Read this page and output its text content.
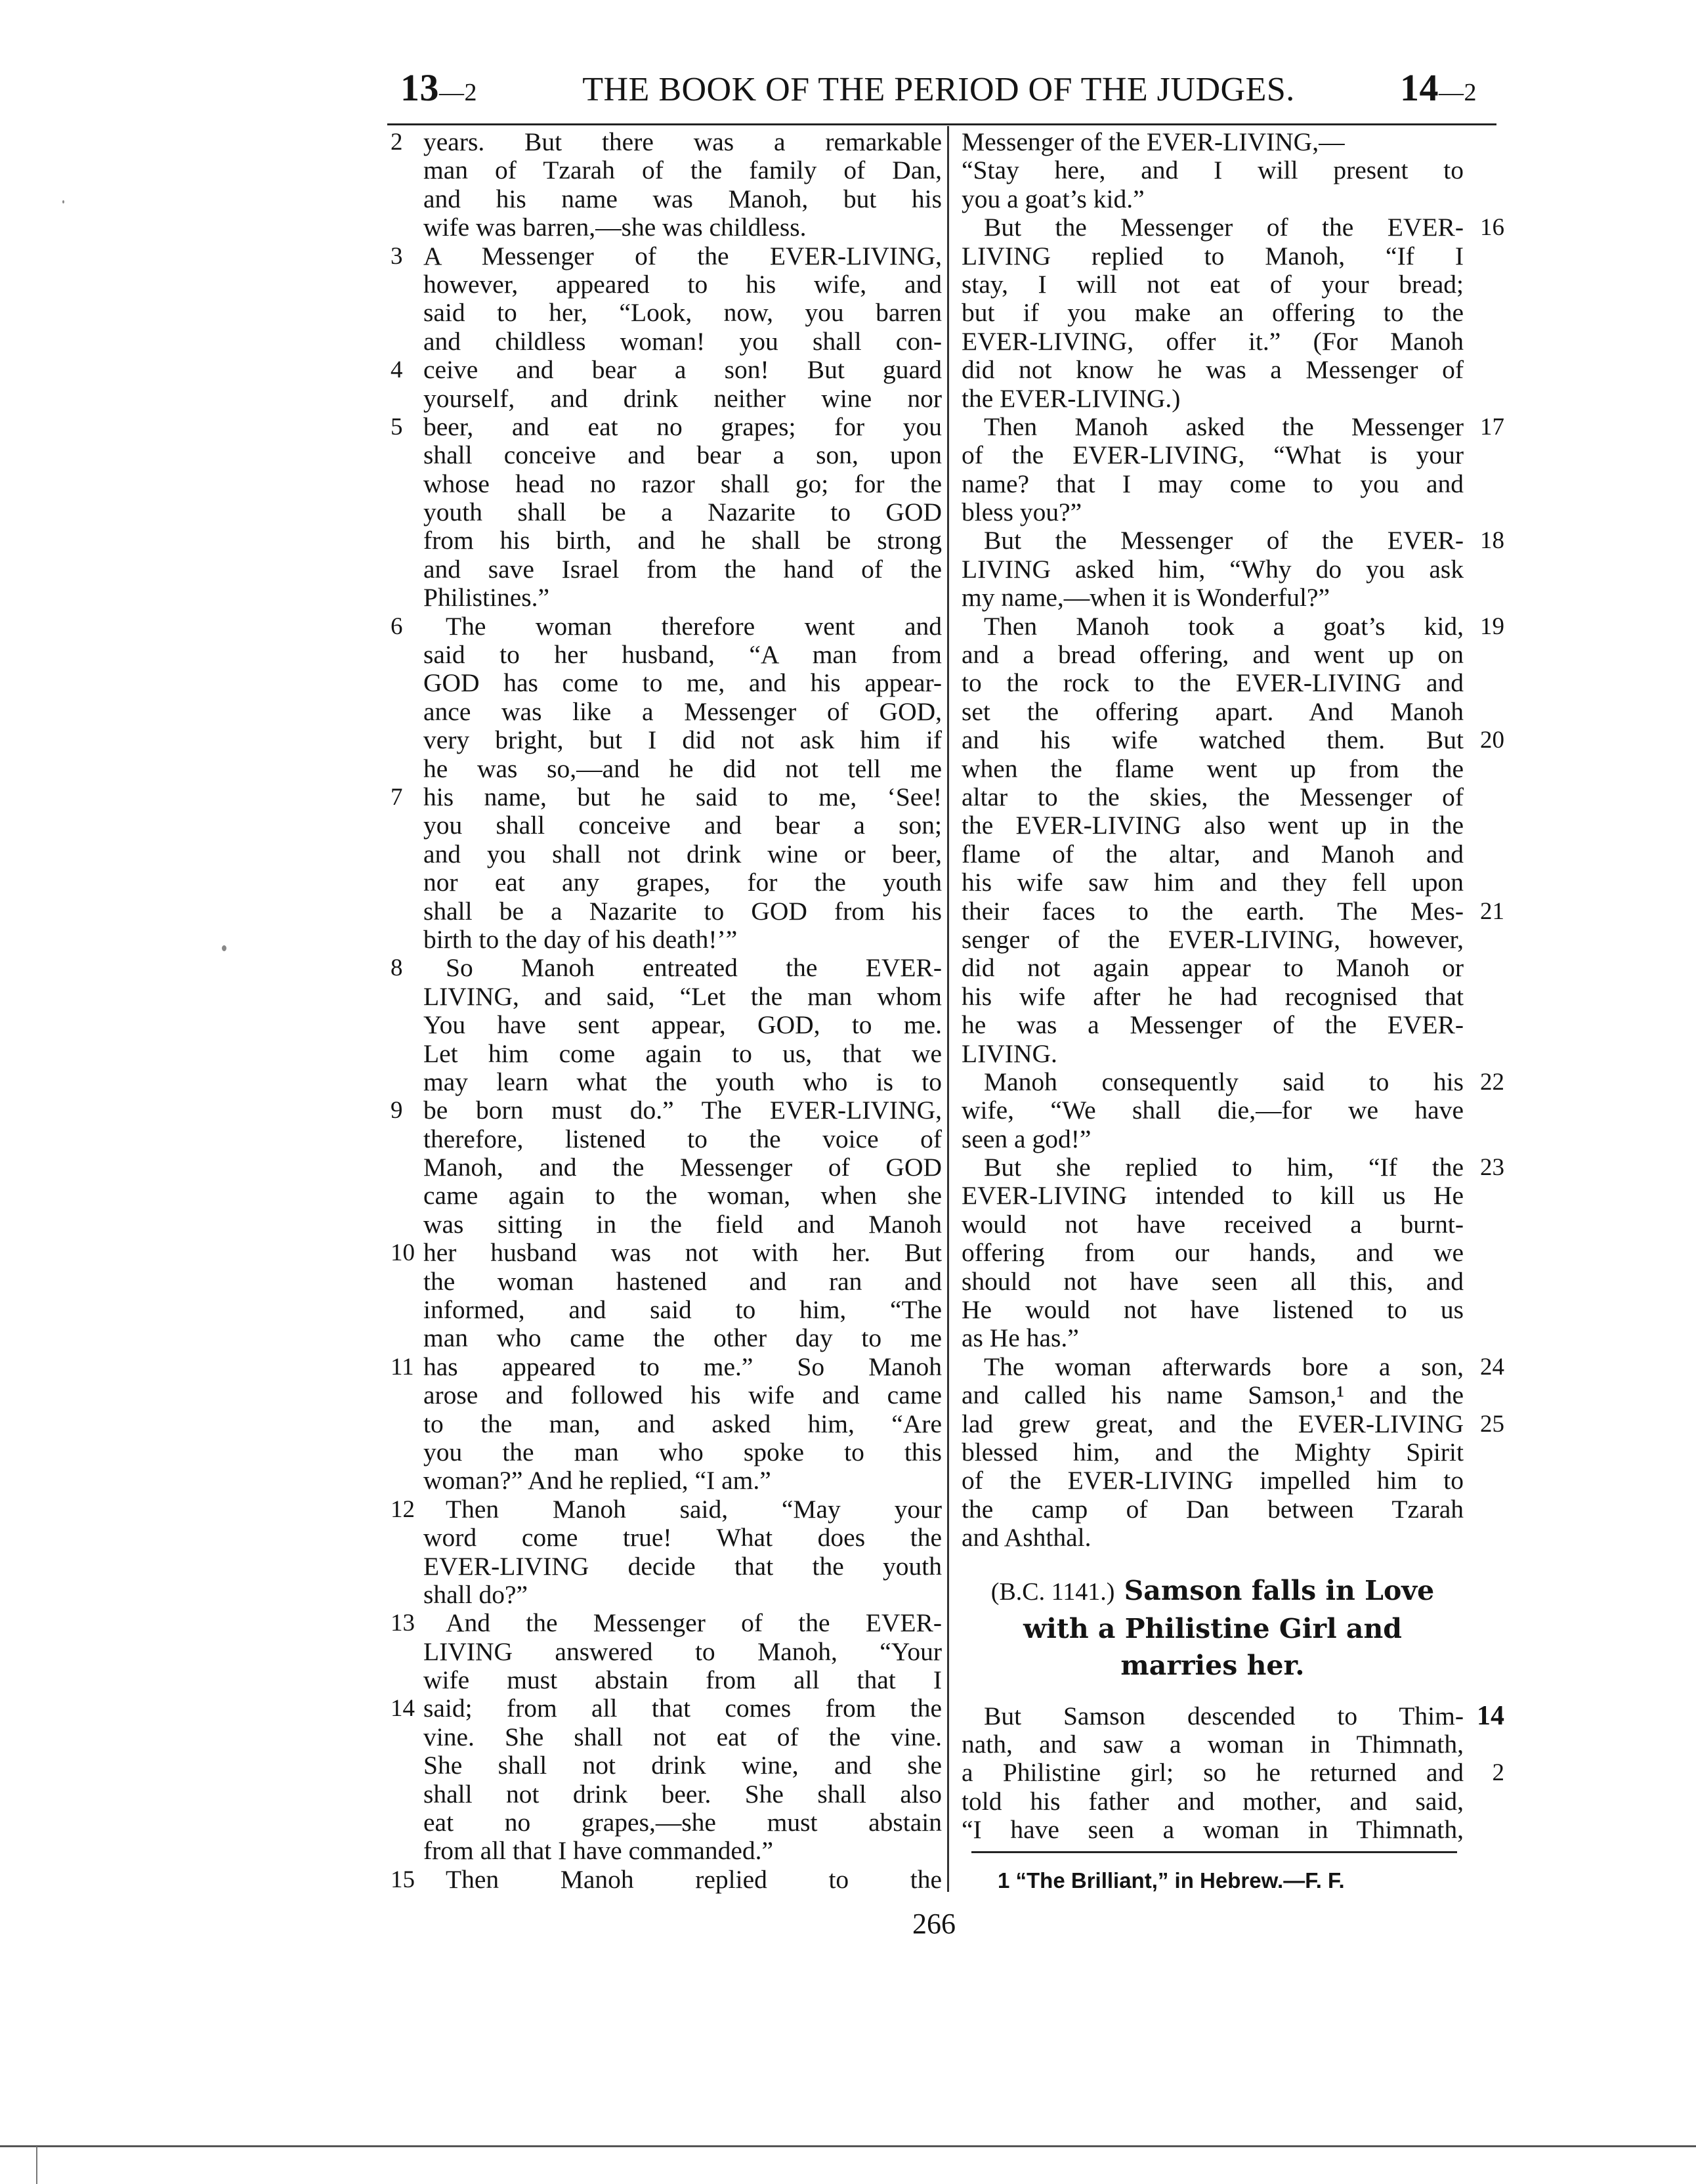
13—2	THE BOOK OF THE PERIOD OF THE JUDGES.	14—2
2 years. But there was a remarkable
man of Tzarah of the family of Dan,
and his name was Manoh, but his
wife was barren,—she was childless.
3 A Messenger of the EVER-LIVING,
however, appeared to his wife, and
said to her, “Look, now, you barren
and childless woman! you shall con-
4 ceive and bear a son! But guard
yourself, and drink neither wine nor
5 beer, and eat no grapes; for you
shall conceive and bear a son, upon
whose head no razor shall go; for the
youth shall be a Nazarite to GOD
from his birth, and he shall be strong
and save Israel from the hand of the
Philistines.”
6 The woman therefore went and
said to her husband, “A man from
GOD has come to me, and his appear-
ance was like a Messenger of GOD,
very bright, but I did not ask him if
he was so,—and he did not tell me
7 his name, but he said to me, ‘See!
you shall conceive and bear a son;
and you shall not drink wine or beer,
nor eat any grapes, for the youth
shall be a Nazarite to GOD from his
birth to the day of his death!’”
8 So Manoh entreated the EVER-
LIVING, and said, “Let the man whom
You have sent appear, GOD, to me.
Let him come again to us, that we
may learn what the youth who is to
9 be born must do.” The EVER-LIVING,
therefore, listened to the voice of
Manoh, and the Messenger of GOD
came again to the woman, when she
was sitting in the field and Manoh
10 her husband was not with her. But
the woman hastened and ran and
informed, and said to him, “The
man who came the other day to me
11 has appeared to me.” So Manoh
arose and followed his wife and came
to the man, and asked him, “Are
you the man who spoke to this
woman?” And he replied, “I am.”
12 Then Manoh said, “May your
word come true! What does the
EVER-LIVING decide that the youth
shall do?”
13 And the Messenger of the EVER-
LIVING answered to Manoh, “Your
wife must abstain from all that I
14 said; from all that comes from the
vine. She shall not eat of the vine.
She shall not drink wine, and she
shall not drink beer. She shall also
eat no grapes,—she must abstain
from all that I have commanded.”
15 Then Manoh replied to the
Messenger of the EVER-LIVING,—
“Stay here, and I will present to
you a goat’s kid.”
16
But the Messenger of the EVER-
LIVING replied to Manoh, “If I
stay, I will not eat of your bread;
but if you make an offering to the
EVER-LIVING, offer it.” (For Manoh
did not know he was a Messenger of
the EVER-LIVING.)
17
Then Manoh asked the Messenger
of the EVER-LIVING, “What is your
name? that I may come to you and
bless you?”
18
But the Messenger of the EVER-
LIVING asked him, “Why do you ask
my name,—when it is Wonderful?”
19
Then Manoh took a goat’s kid,
and a bread offering, and went up on
to the rock to the EVER-LIVING and
set the offering apart. And Manoh
20
and his wife watched them. But
when the flame went up from the
altar to the skies, the Messenger of
the EVER-LIVING also went up in the
flame of the altar, and Manoh and
his wife saw him and they fell upon
21
their faces to the earth. The Mes-
senger of the EVER-LIVING, however,
did not again appear to Manoh or
his wife after he had recognised that
he was a Messenger of the EVER-
LIVING.
22
Manoh consequently said to his
wife, “We shall die,—for we have
seen a god!”
23
But she replied to him, “If the
EVER-LIVING intended to kill us He
would not have received a burnt-
offering from our hands, and we
should not have seen all this, and
He would not have listened to us
as He has.”
24
The woman afterwards bore a son,
and called his name Samson,¹ and the
25
lad grew great, and the EVER-LIVING
blessed him, and the Mighty Spirit
of the EVER-LIVING impelled him to
the camp of Dan between Tzarah
and Ashthal.
(B.C. 1141.) Samson falls in Love
with a Philistine Girl and
marries her.
14
But Samson descended to Thim-
nath, and saw a woman in Thimnath,
2
a Philistine girl; so he returned and
told his father and mother, and said,
“I have seen a woman in Thimnath,
1 “The Brilliant,” in Hebrew.—F. F.
266
